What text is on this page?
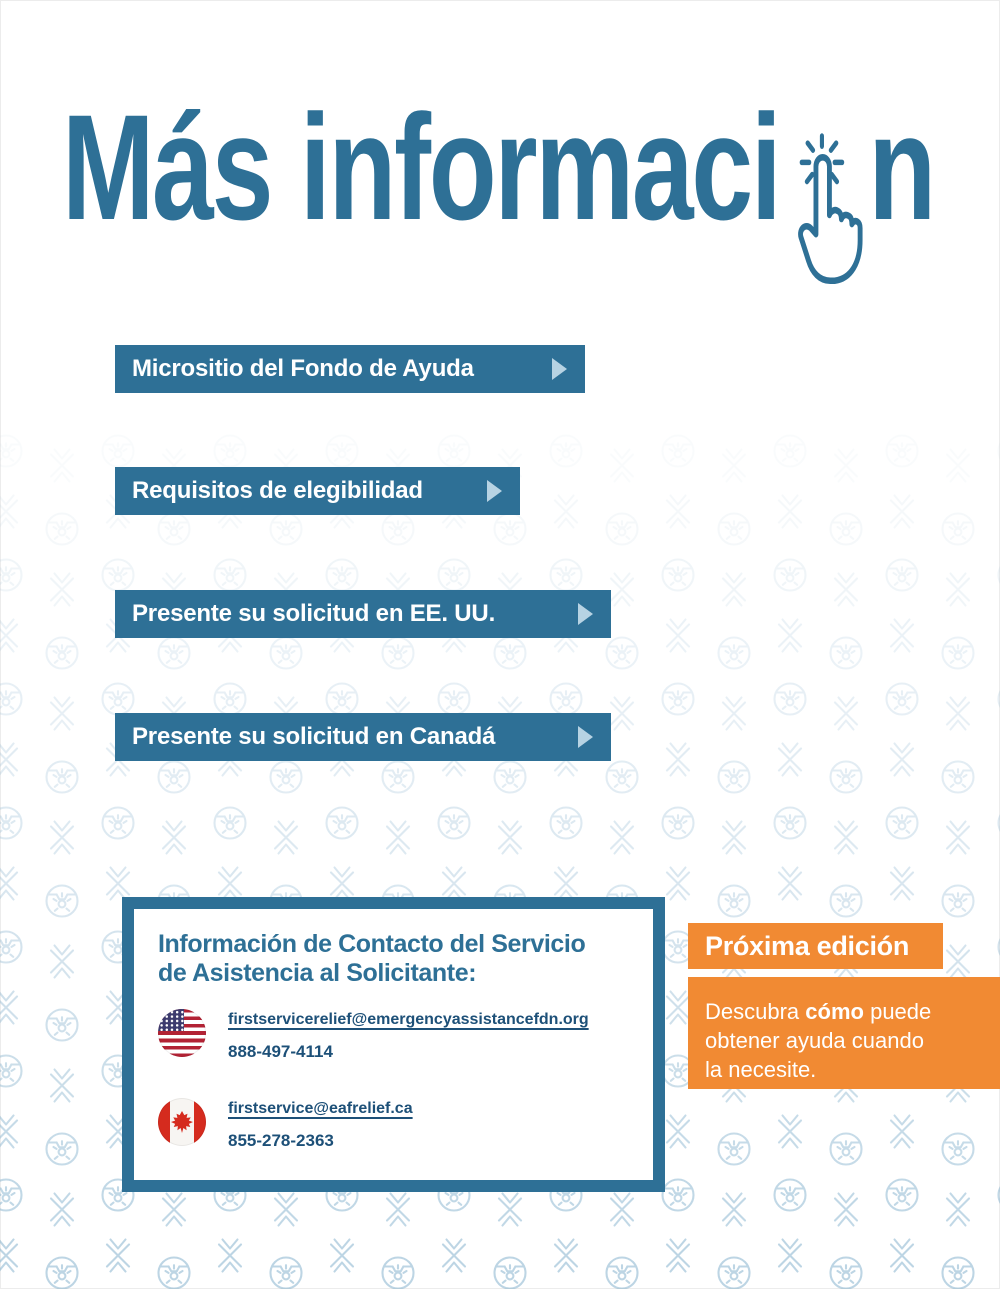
Más informaci n
Micrositio del Fondo de Ayuda
Requisitos de elegibilidad
Presente su solicitud en EE. UU.
Presente su solicitud en Canadá
Información de Contacto del Servicio
de Asistencia al Solicitante:
firstservicerelief@emergencyassistancefdn.org
888-497-4114
firstservice@eafrelief.ca
855-278-2363
Próxima edición
Descubra cómo puede obtener ayuda cuando la necesite.
